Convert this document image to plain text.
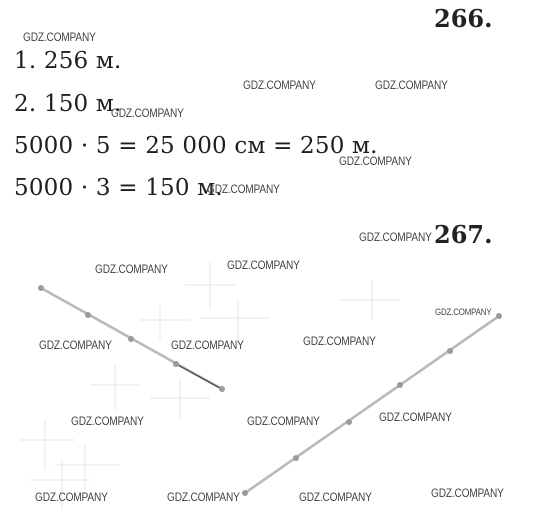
266.
1. 256 м.
2. 150 м.
5000 · 5 = 25 000 см = 250 м.
5000 · 3 = 150 м.
267.
GDZ.COMPANY
GDZ.COMPANY	GDZ.COMPANY
GDZ.COMPANY
GDZ.COMPANY
GDZ.COMPANY
GDZ.COMPANY
GDZ.COMPANY
GDZ.COMPANY
GDZ.COMPANY
GDZ.COMPANY	GDZ.COMPANY	GDZ.COMPANY
GDZ.COMPANY
GDZ.COMPANY	GDZ.COMPANY
GDZ.COMPANY
GDZ.COMPANY	GDZ.COMPANY	GDZ.COMPANY
